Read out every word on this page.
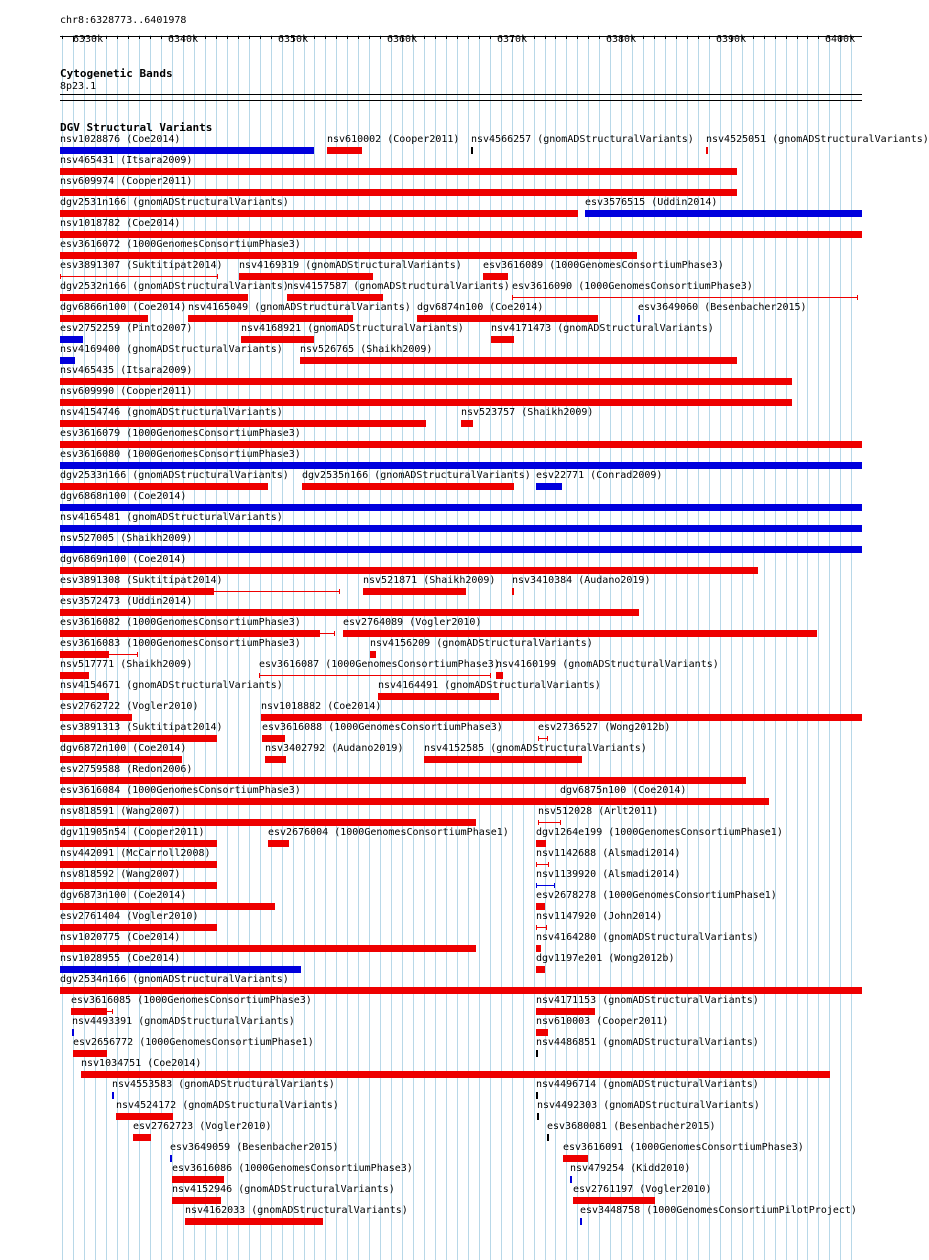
chr8:6328773..6401978
6330k	6340k	6350k	6360k	6370k	6380k	6390k	6400k
Cytogenetic Bands
8p23.1
DGV Structural Variants
nsv1028876 (Coe2014)	nsv610002 (Cooper2011) nsv4566257 (gnomADStructuralVariants) nsv4525051 (gnomADStructuralVariants)
nsv465431 (Itsara2009)
nsv609974 (Cooper2011)
dgv2531n166 (gnomADStructuralVariants)	esv3576515 (Uddin2014)
nsv1018782 (Coe2014)
esv3616072 (1000GenomesConsortiumPhase3)
esv3891307 (Suktitipat2014) nsv4169319 (gnomADStructuralVariants) esv3616089 (1000GenomesConsortiumPhase3)
dgv2532n166 (gnomADStructuralVariants)
nsv4157587 (gnomADStructuralVariants) esv3616090 (1000GenomesConsortiumPhase3)
dgv6866n100 (Coe2014) nsv4165049 (gnomADStructuralVariants) dgv6874n100 (Coe2014)	esv3649060 (Besenbacher2015)
esv2752259 (Pinto2007)	nsv4168921 (gnomADStructuralVariants)	nsv4171473 (gnomADStructuralVariants)
nsv4169400 (gnomADStructuralVariants) nsv526765 (Shaikh2009)
nsv465435 (Itsara2009)
nsv609990 (Cooper2011)
nsv4154746 (gnomADStructuralVariants)	nsv523757 (Shaikh2009)
esv3616079 (1000GenomesConsortiumPhase3)
esv3616080 (1000GenomesConsortiumPhase3)
dgv2533n166 (gnomADStructuralVariants) dgv2535n166 (gnomADStructuralVariants) esv22771 (Conrad2009)
dgv6868n100 (Coe2014)
nsv4165481 (gnomADStructuralVariants)
nsv527005 (Shaikh2009)
dgv6869n100 (Coe2014)
esv3891308 (Suktitipat2014)	nsv521871 (Shaikh2009) nsv3410384 (Audano2019)
esv3572473 (Uddin2014)
esv3616082 (1000GenomesConsortiumPhase3)	esv2764089 (Vogler2010)
esv3616083 (1000GenomesConsortiumPhase3)	nsv4156209 (gnomADStructuralVariants)
nsv517771 (Shaikh2009)	esv3616087 (1000GenomesConsortiumPhase3)
nsv4160199 (gnomADStructuralVariants)
nsv4154671 (gnomADStructuralVariants)	nsv4164491 (gnomADStructuralVariants)
esv2762722 (Vogler2010)	nsv1018882 (Coe2014)
esv3891313 (Suktitipat2014)	esv3616088 (1000GenomesConsortiumPhase3)	esv2736527 (Wong2012b)
dgv6872n100 (Coe2014)	nsv3402792 (Audano2019) nsv4152585 (gnomADStructuralVariants)
esv2759588 (Redon2006)
esv3616084 (1000GenomesConsortiumPhase3)	dgv6875n100 (Coe2014)
nsv818591 (Wang2007)	nsv512028 (Arlt2011)
dgv11905n54 (Cooper2011)	esv2676004 (1000GenomesConsortiumPhase1)	dgv1264e199 (1000GenomesConsortiumPhase1)
nsv442091 (McCarroll2008)	nsv1142688 (Alsmadi2014)
nsv818592 (Wang2007)	nsv1139920 (Alsmadi2014)
dgv6873n100 (Coe2014)	esv2678278 (1000GenomesConsortiumPhase1)
esv2761404 (Vogler2010)	nsv1147920 (John2014)
nsv1020775 (Coe2014)	nsv4164280 (gnomADStructuralVariants)
nsv1028955 (Coe2014)	dgv1197e201 (Wong2012b)
dgv2534n166 (gnomADStructuralVariants)
esv3616085 (1000GenomesConsortiumPhase3)	nsv4171153 (gnomADStructuralVariants)
nsv4493391 (gnomADStructuralVariants)	nsv610003 (Cooper2011)
esv2656772 (1000GenomesConsortiumPhase1)	nsv4486851 (gnomADStructuralVariants)
nsv1034751 (Coe2014)
nsv4553583 (gnomADStructuralVariants)	nsv4496714 (gnomADStructuralVariants)
nsv4524172 (gnomADStructuralVariants)	nsv4492303 (gnomADStructuralVariants)
esv2762723 (Vogler2010)	esv3680081 (Besenbacher2015)
esv3649059 (Besenbacher2015)	esv3616091 (1000GenomesConsortiumPhase3)
esv3616086 (1000GenomesConsortiumPhase3)	nsv479254 (Kidd2010)
nsv4152946 (gnomADStructuralVariants)	esv2761197 (Vogler2010)
nsv4162033 (gnomADStructuralVariants)	esv3448758 (1000GenomesConsortiumPilotProject)
